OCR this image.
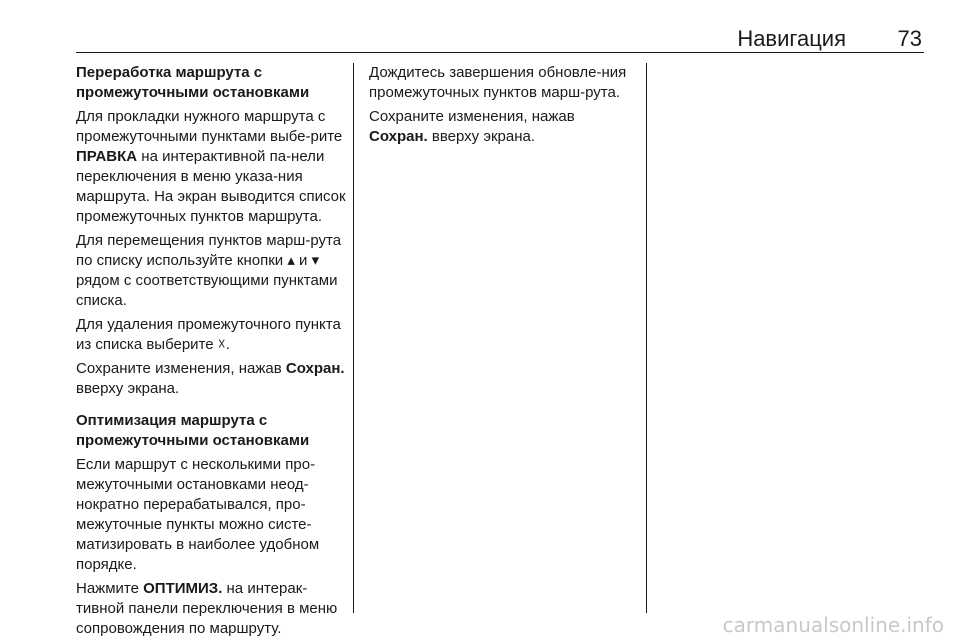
Навигация 73

Переработка маршрута с промежуточными остановками

Для прокладки нужного маршрута с промежуточными пунктами выбе-рите ПРАВКА на интерактивной па-нели переключения в меню указа-ния маршрута. На экран выводится список промежуточных пунктов маршрута.

Для перемещения пунктов марш-рута по списку используйте кнопки ▴ и ▾ рядом с соответствующими пунктами списка.

Для удаления промежуточного пункта из списка выберите ☓.

Сохраните изменения, нажав Сохран. вверху экрана.

Оптимизация маршрута с промежуточными остановками

Если маршрут с несколькими про-межуточными остановками неод-нократно перерабатывался, про-межуточные пункты можно систе-матизировать в наиболее удобном порядке.

Нажмите ОПТИМИЗ. на интерак-тивной панели переключения в меню сопровождения по маршруту.

Дождитесь завершения обновле-ния промежуточных пунктов марш-рута.

Сохраните изменения, нажав Сохран. вверху экрана.

carmanualsonline.info
